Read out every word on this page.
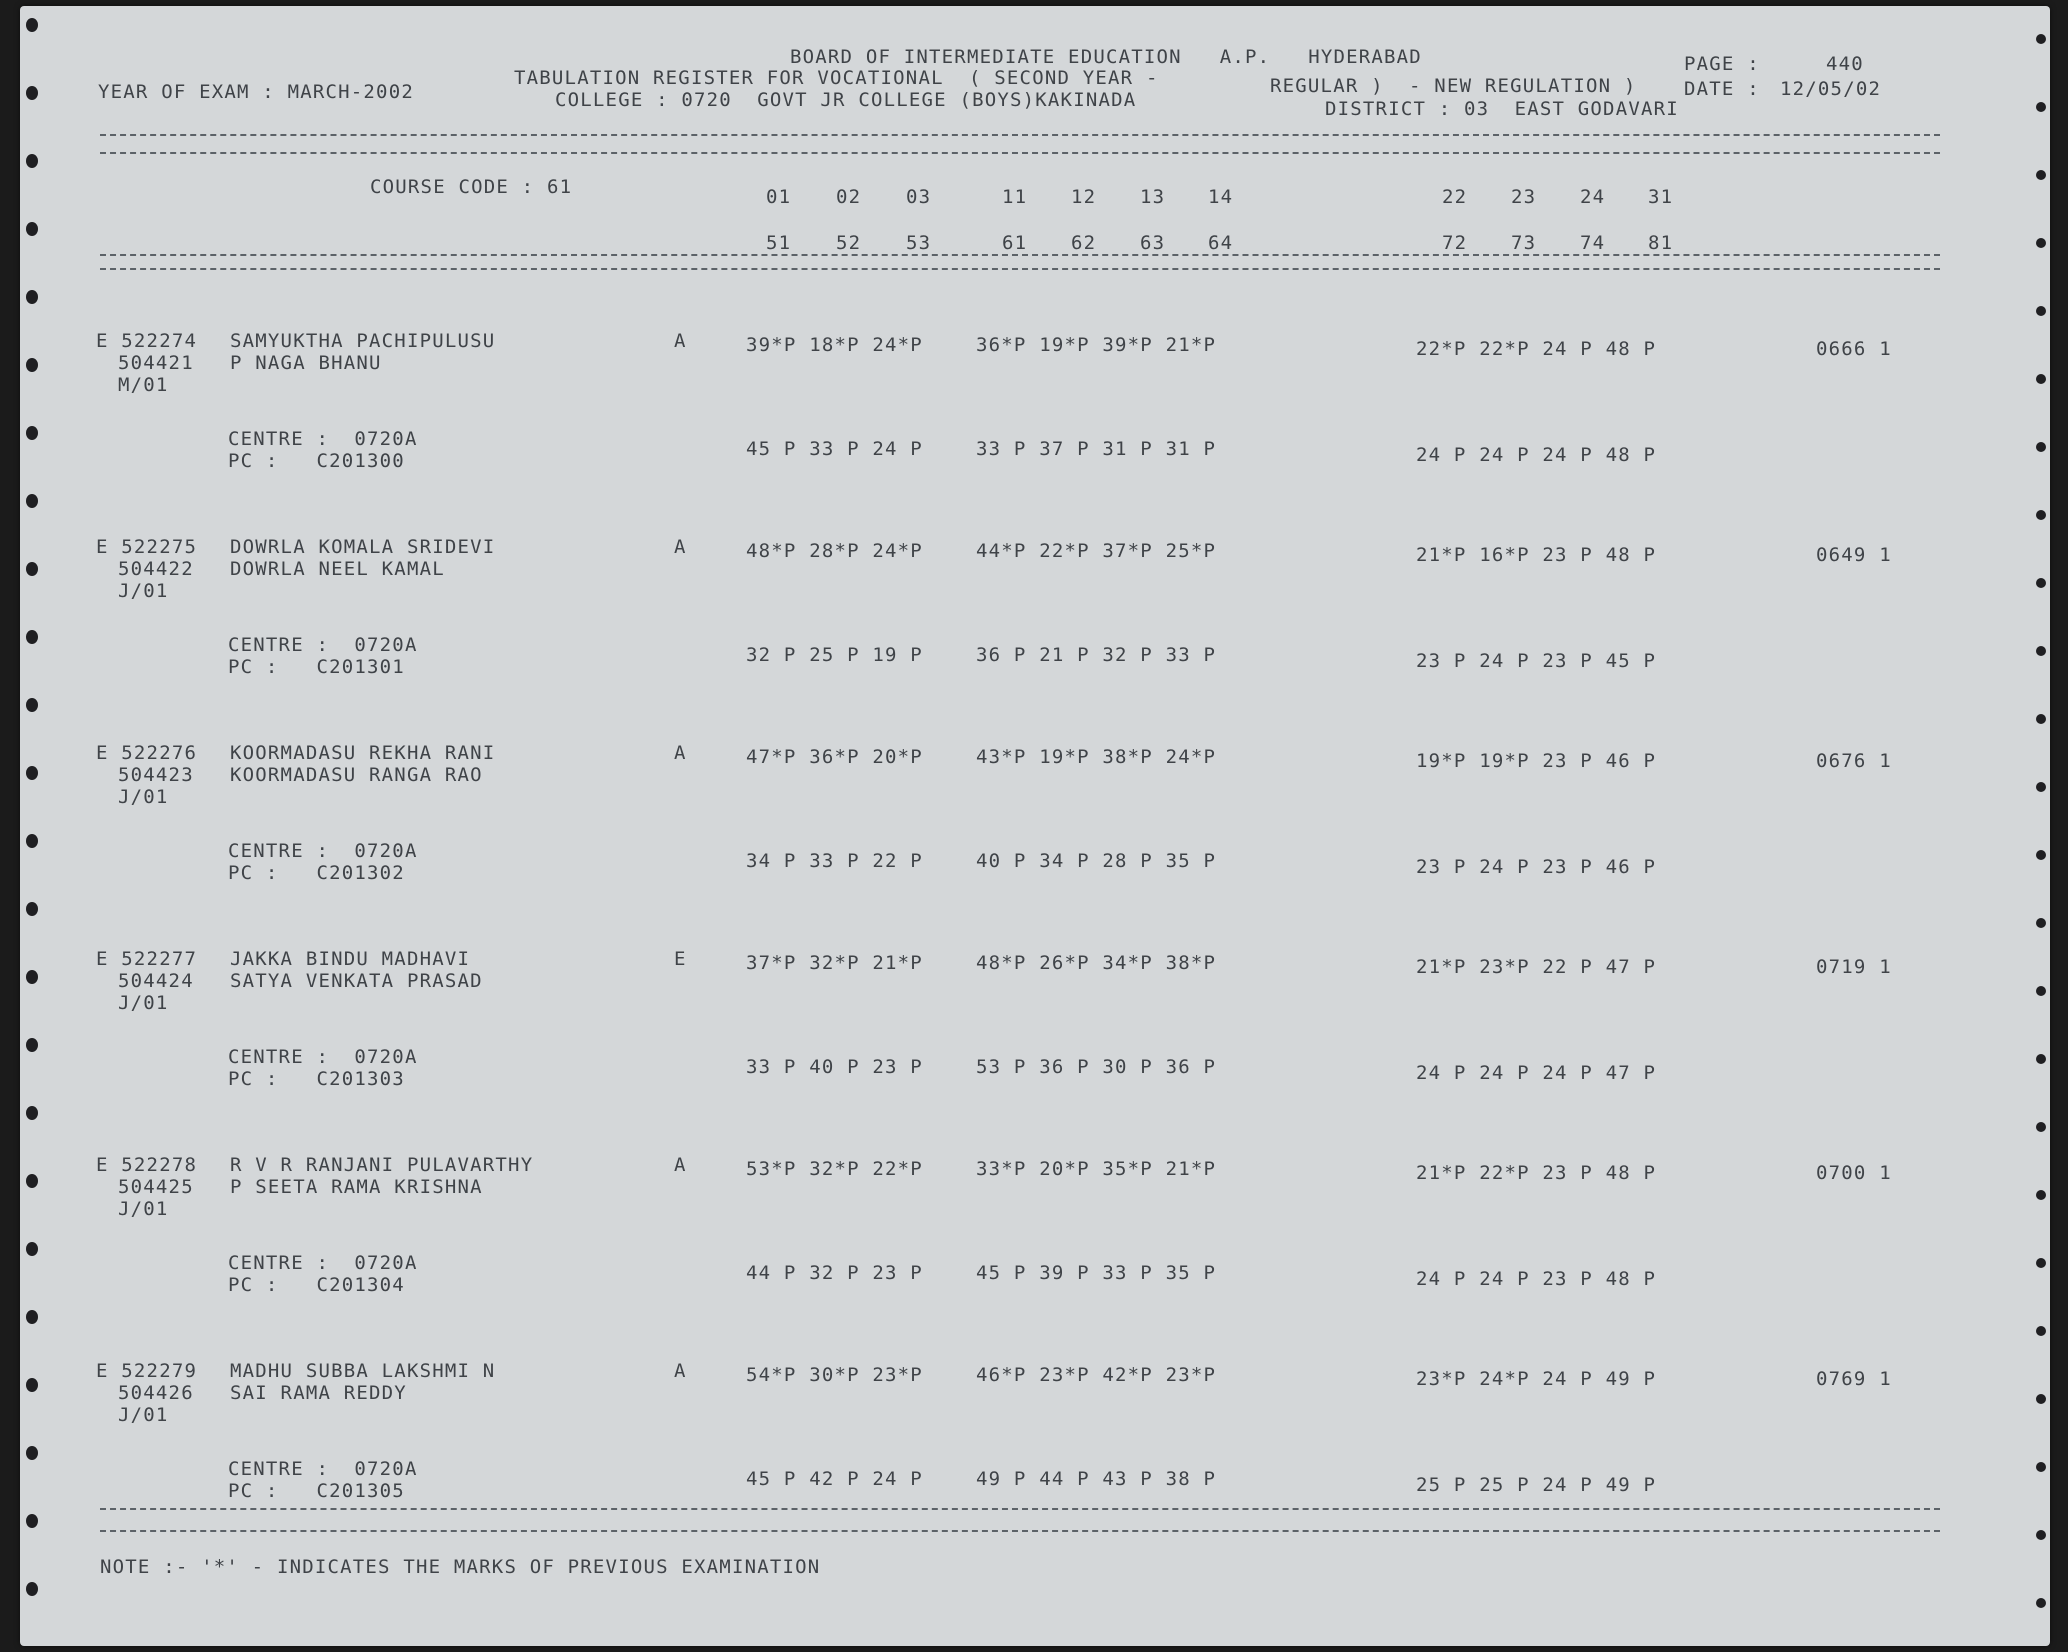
YEAR OF EXAM : MARCH-2002
BOARD OF INTERMEDIATE EDUCATION   A.P.   HYDERABAD
TABULATION REGISTER FOR VOCATIONAL  ( SECOND YEAR -	REGULAR )  - NEW REGULATION )
COLLEGE : 0720  GOVT JR COLLEGE (BOYS)KAKINADA	DISTRICT : 03  EAST GODAVARI
PAGE :	440
DATE : 12/05/02
COURSE CODE : 61	01 02 03	11 12 13 14	22 23 24 31
51 52 53	61 62 63 64	72 73 74 81
E 522274 SAMYUKTHA PACHIPULUSU
504421 P NAGA BHANU
M/01
A	39*P 18*P 24*P	36*P 19*P 39*P 21*P	22*P 22*P 24 P 48 P	0666 1
CENTRE :  0720A
PC :   C201300
45 P 33 P 24 P	33 P 37 P 31 P 31 P	24 P 24 P 24 P 48 P
E 522275 DOWRLA KOMALA SRIDEVI
504422 DOWRLA NEEL KAMAL
J/01
A	48*P 28*P 24*P	44*P 22*P 37*P 25*P	21*P 16*P 23 P 48 P	0649 1
CENTRE :  0720A
PC :   C201301
32 P 25 P 19 P	36 P 21 P 32 P 33 P	23 P 24 P 23 P 45 P
E 522276 KOORMADASU REKHA RANI
504423 KOORMADASU RANGA RAO
J/01
A	47*P 36*P 20*P	43*P 19*P 38*P 24*P	19*P 19*P 23 P 46 P	0676 1
CENTRE :  0720A
PC :   C201302
34 P 33 P 22 P	40 P 34 P 28 P 35 P	23 P 24 P 23 P 46 P
E 522277 JAKKA BINDU MADHAVI
504424 SATYA VENKATA PRASAD
J/01
E	37*P 32*P 21*P	48*P 26*P 34*P 38*P	21*P 23*P 22 P 47 P	0719 1
CENTRE :  0720A
PC :   C201303
33 P 40 P 23 P	53 P 36 P 30 P 36 P	24 P 24 P 24 P 47 P
E 522278 R V R RANJANI PULAVARTHY
504425 P SEETA RAMA KRISHNA
J/01
A	53*P 32*P 22*P	33*P 20*P 35*P 21*P	21*P 22*P 23 P 48 P	0700 1
CENTRE :  0720A
PC :   C201304
44 P 32 P 23 P	45 P 39 P 33 P 35 P	24 P 24 P 23 P 48 P
E 522279 MADHU SUBBA LAKSHMI N
504426 SAI RAMA REDDY
J/01
A	54*P 30*P 23*P	46*P 23*P 42*P 23*P	23*P 24*P 24 P 49 P	0769 1
CENTRE :  0720A
PC :   C201305
45 P 42 P 24 P	49 P 44 P 43 P 38 P	25 P 25 P 24 P 49 P
NOTE :- '*' - INDICATES THE MARKS OF PREVIOUS EXAMINATION
